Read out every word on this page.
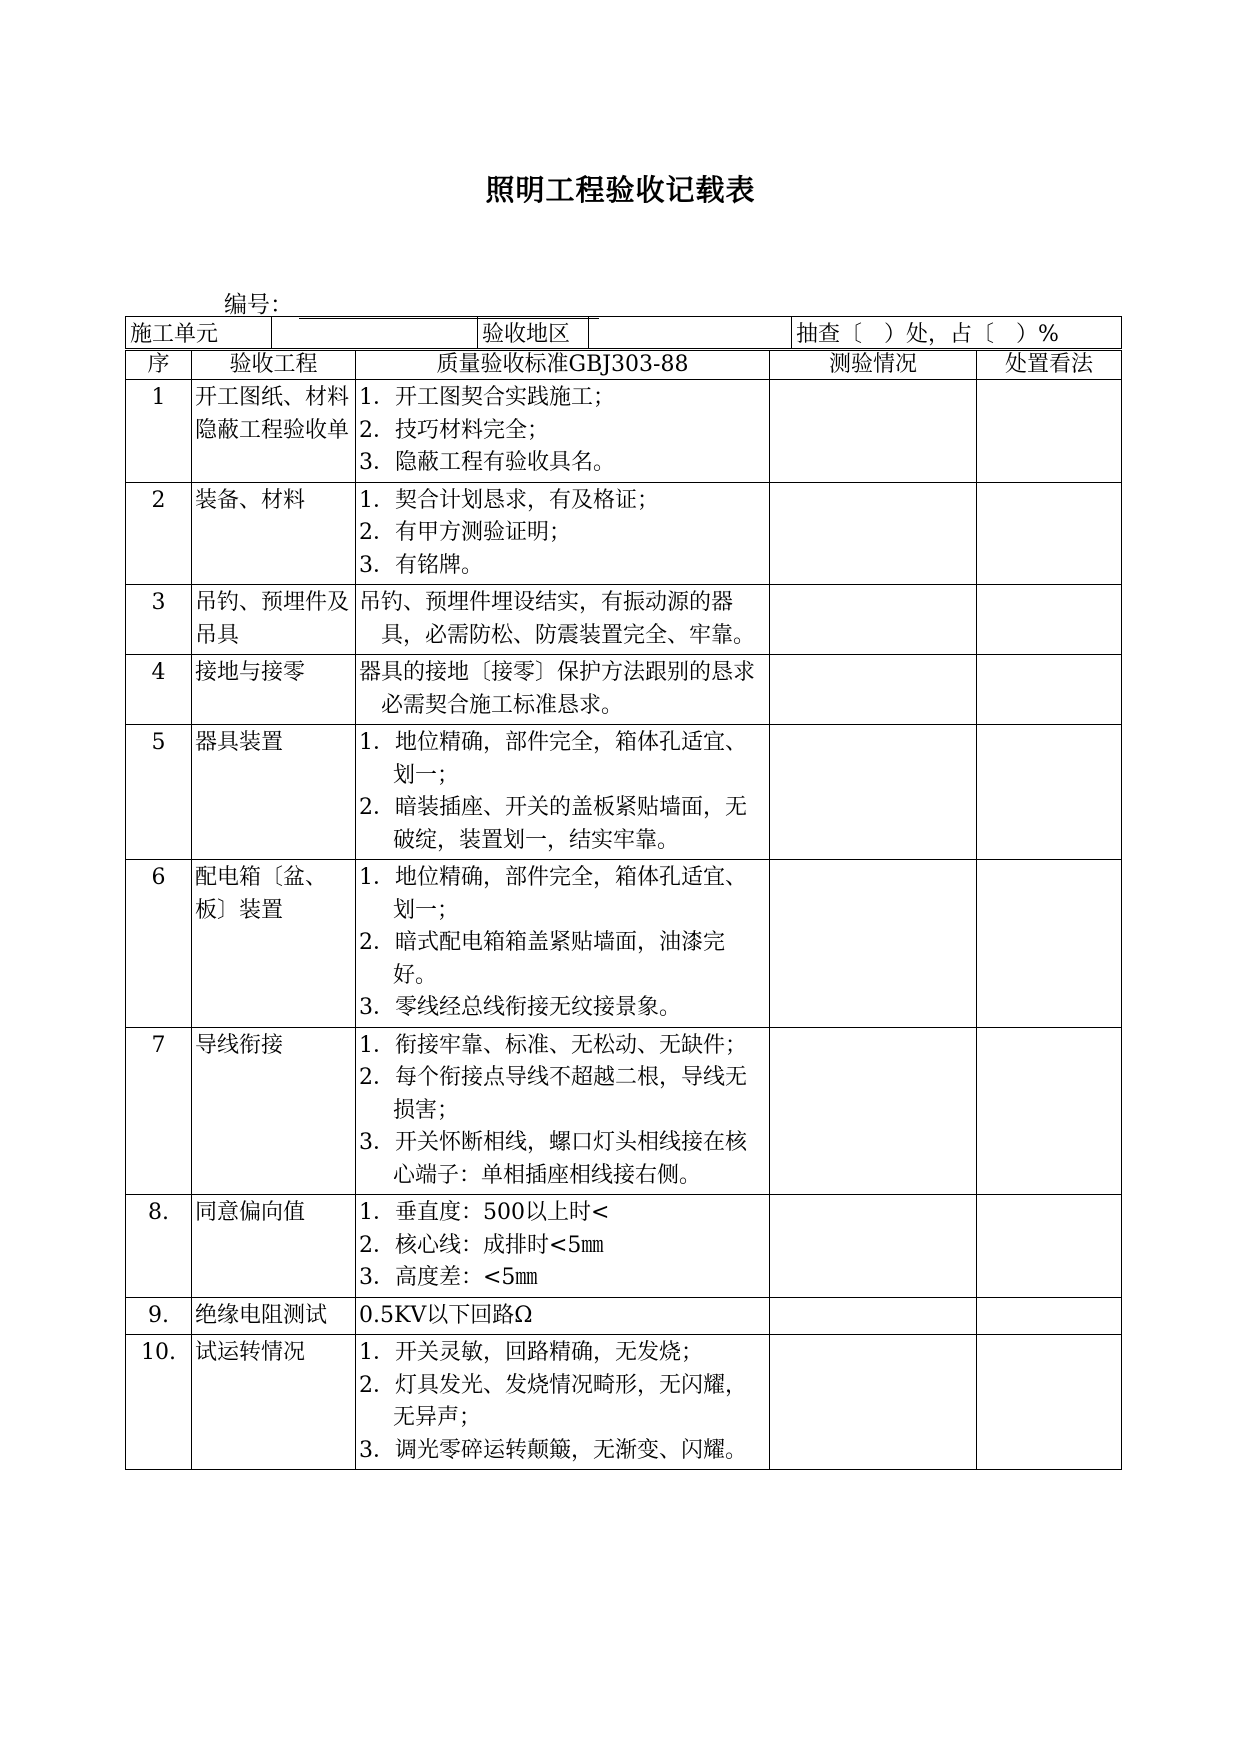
照明工程验收记载表
编号：
施工单元		验收地区		抽查〔　）处，占〔　）%
序	验收工程	质量验收标准GBJ303-88	测验情况	处置看法
1	开工图纸、材料隐蔽工程验收单	1．开工图契合实践施工；
2．技巧材料完全；
3．隐蔽工程有验收具名。		

2	装备、材料	1．契合计划恳求，有及格证；
2．有甲方测验证明；
3．有铭牌。		

3	吊钓、预埋件及吊具	吊钓、预埋件埋设结实，有振动源的器具，必需防松、防震装置完全、牢靠。		

4	接地与接零	器具的接地〔接零〕保护方法跟别的恳求必需契合施工标准恳求。		

5	器具装置	1．地位精确，部件完全，箱体孔适宜、划一；
2．暗装插座、开关的盖板紧贴墙面，无破绽，装置划一，结实牢靠。		

6	配电箱〔盆、板〕装置	1．地位精确，部件完全，箱体孔适宜、划一；
2．暗式配电箱箱盖紧贴墙面，油漆完好。
3．零线经总线衔接无纹接景象。		

7	导线衔接	1．衔接牢靠、标准、无松动、无缺件；
2．每个衔接点导线不超越二根，导线无损害；
3．开关怀断相线，螺口灯头相线接在核心端子：单相插座相线接右侧。		

8.	同意偏向值	1．垂直度：500以上时<
2．核心线：成排时<5㎜
3．高度差：<5㎜		

9.	绝缘电阻测试	0.5KV以下回路Ω		

10.	试运转情况	1．开关灵敏，回路精确，无发烧；
2．灯具发光、发烧情况畸形，无闪耀，无异声；
3．调光零碎运转颠簸，无渐变、闪耀。		
